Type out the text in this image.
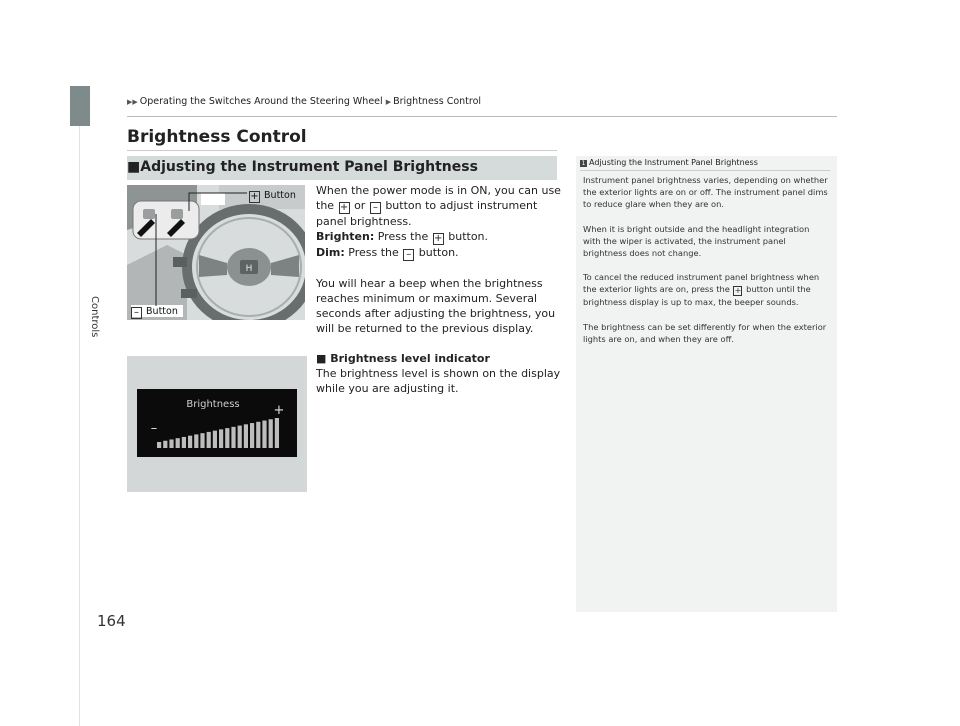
Controls
164
▶▶ Operating the Switches Around the Steering Wheel ▶ Brightness Control
Brightness Control
■Adjusting the Instrument Panel Brightness
H
+ Button
– Button

When the power mode is in ON, you can use the + or – button to adjust instrument panel brightness.

Brighten: Press the + button.

Dim: Press the – button.

You will hear a beep when the brightness reaches minimum or maximum. Several seconds after adjusting the brightness, you will be returned to the previous display.

■ Brightness level indicator

The brightness level is shown on the display while you are adjusting it.

Brightness	+
–
1 Adjusting the Instrument Panel Brightness

Instrument panel brightness varies, depending on whether the exterior lights are on or off. The instrument panel dims to reduce glare when they are on.

When it is bright outside and the headlight integration with the wiper is activated, the instrument panel brightness does not change.

To cancel the reduced instrument panel brightness when the exterior lights are on, press the + button until the brightness display is up to max, the beeper sounds.

The brightness can be set differently for when the exterior lights are on, and when they are off.
